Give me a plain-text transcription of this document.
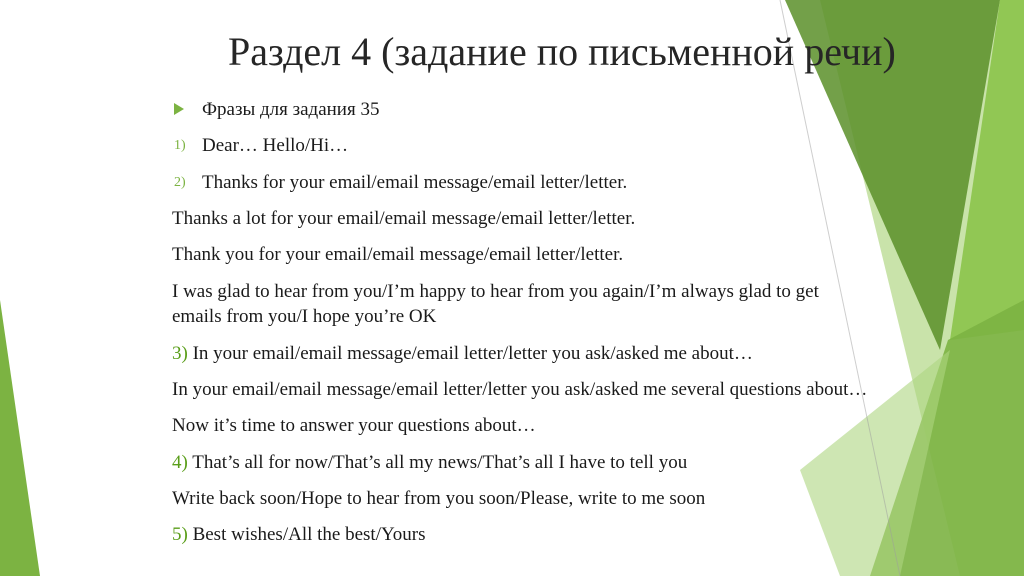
Раздел 4 (задание по письменной речи)
Фразы для задания 35
1) Dear… Hello/Hi…
2) Thanks for your email/email message/email letter/letter.
Thanks a lot for your email/email message/email letter/letter.
Thank you for your email/email message/email letter/letter.
I was glad to hear from you/I’m happy to hear from you again/I’m always glad to get
emails from you/I hope you’re OK
3) In your email/email message/email letter/letter you ask/asked me about…
In your email/email message/email letter/letter you ask/asked me several questions about…
Now it’s time to answer your questions about…
4) That’s all for now/That’s all my news/That’s all I have to tell you
Write back soon/Hope to hear from you soon/Please, write to me soon
5) Best wishes/All the best/Yours
